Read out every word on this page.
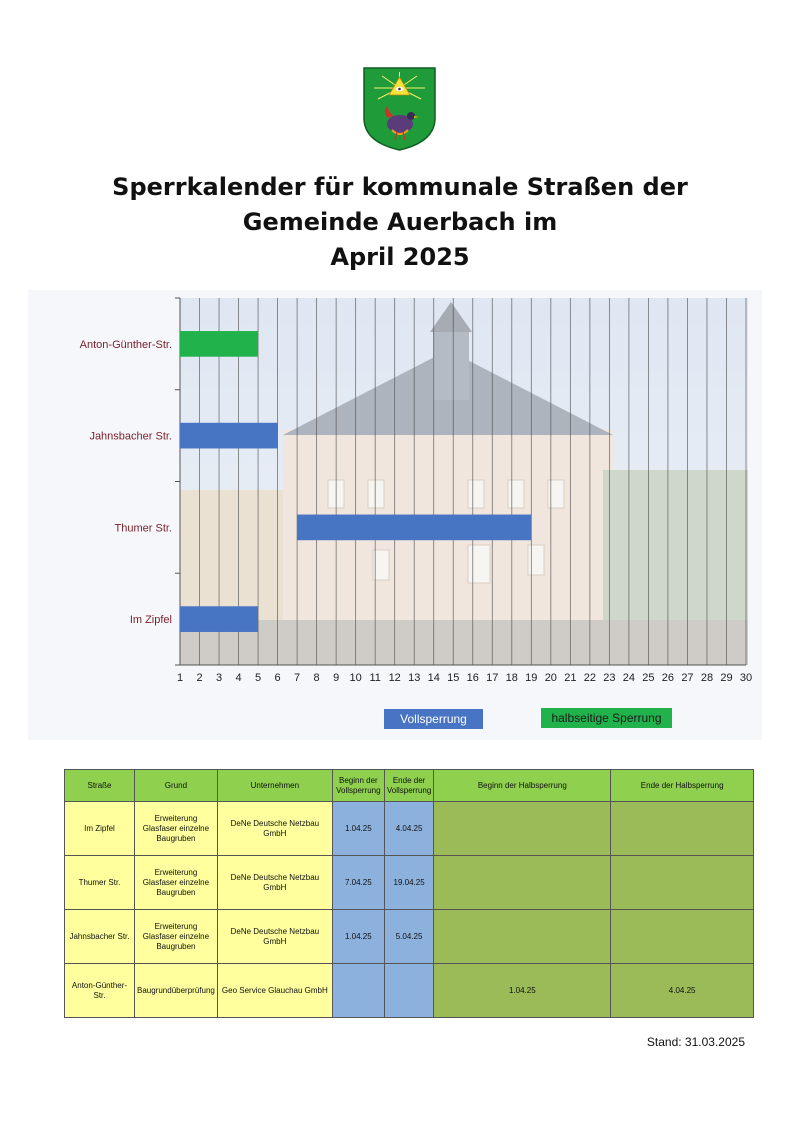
Sperrkalender für kommunale Straßen der
Gemeinde Auerbach im
April 2025
Anton-Günther-Str.
Jahnsbacher Str.
Thumer Str.
Im Zipfel
1 2 3 4 5 6 7 8 9 10 11 12 13 14 15 16 17 18 19 20 21 22 23 24 25 26 27 28 29 30
Vollsperrung	halbseitige Sperrung
Straße	Grund	Unternehmen	Beginn der Vollsperrung	Ende der Vollsperrung	Beginn der Halbsperrung	Ende der Halbsperrung
Im Zipfel	Erweiterung Glasfaser einzelne Baugruben	DeNe Deutsche Netzbau GmbH	1.04.25	4.04.25		
Thumer Str.	Erweiterung Glasfaser einzelne Baugruben	DeNe Deutsche Netzbau GmbH	7.04.25	19.04.25		
Jahnsbacher Str.	Erweiterung Glasfaser einzelne Baugruben	DeNe Deutsche Netzbau GmbH	1.04.25	5.04.25		
Anton-Günther-Str.	Baugrundüberprüfung	Geo Service Glauchau GmbH			1.04.25	4.04.25
Stand: 31.03.2025
